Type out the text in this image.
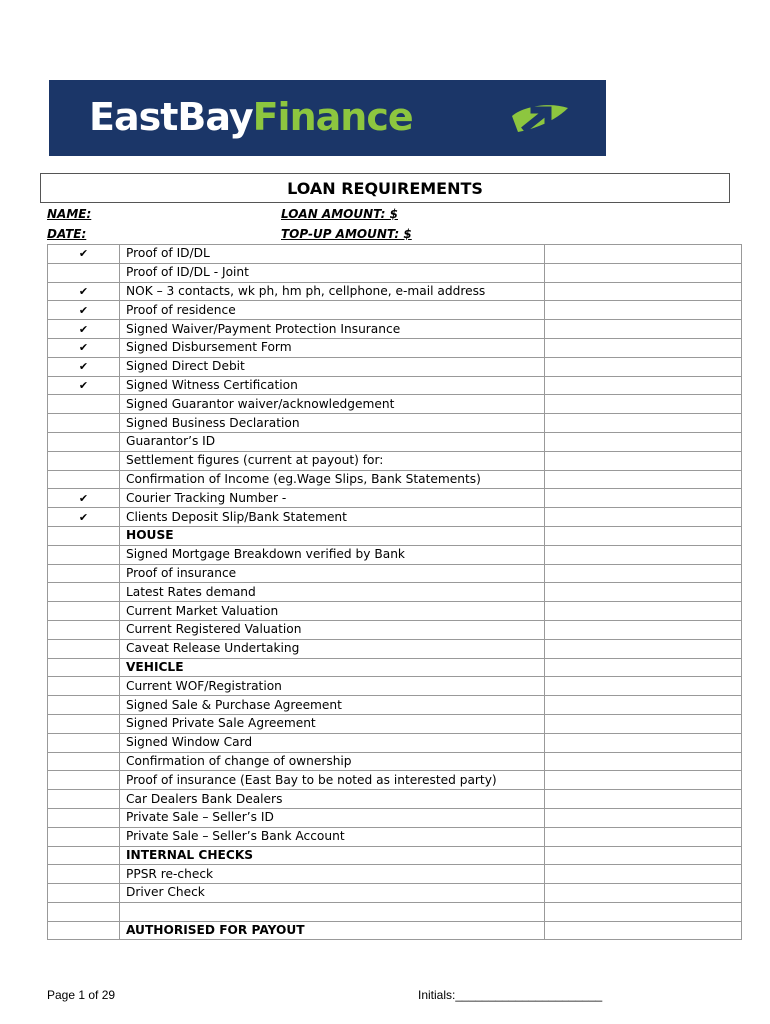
EastBayFinance
LOAN REQUIREMENTS
NAME:	LOAN AMOUNT: $
DATE:	TOP-UP AMOUNT: $
✔	Proof of ID/DL	
	Proof of ID/DL - Joint	
✔	NOK – 3 contacts, wk ph, hm ph, cellphone, e-mail address	
✔	Proof of residence	
✔	Signed Waiver/Payment Protection Insurance	
✔	Signed Disbursement Form	
✔	Signed Direct Debit	
✔	Signed Witness Certification	
	Signed Guarantor waiver/acknowledgement	
	Signed Business Declaration	
	Guarantor’s ID	
	Settlement figures (current at payout) for:	
	Confirmation of Income (eg.Wage Slips, Bank Statements)	
✔	Courier Tracking Number -	
✔	Clients Deposit Slip/Bank Statement	
	HOUSE	
	Signed Mortgage Breakdown verified by Bank	
	Proof of insurance	
	Latest Rates demand	
	Current Market Valuation	
	Current Registered Valuation	
	Caveat Release Undertaking	
	VEHICLE	
	Current WOF/Registration	
	Signed Sale & Purchase Agreement	
	Signed Private Sale Agreement	
	Signed Window Card	
	Confirmation of change of ownership	
	Proof of insurance (East Bay to be noted as interested party)	
	Car Dealers Bank Dealers	
	Private Sale – Seller’s ID	
	Private Sale – Seller’s Bank Account	
	INTERNAL CHECKS	
	PPSR re-check	
	Driver Check	

	AUTHORISED FOR PAYOUT	
Page 1 of 29	Initials:______________________
